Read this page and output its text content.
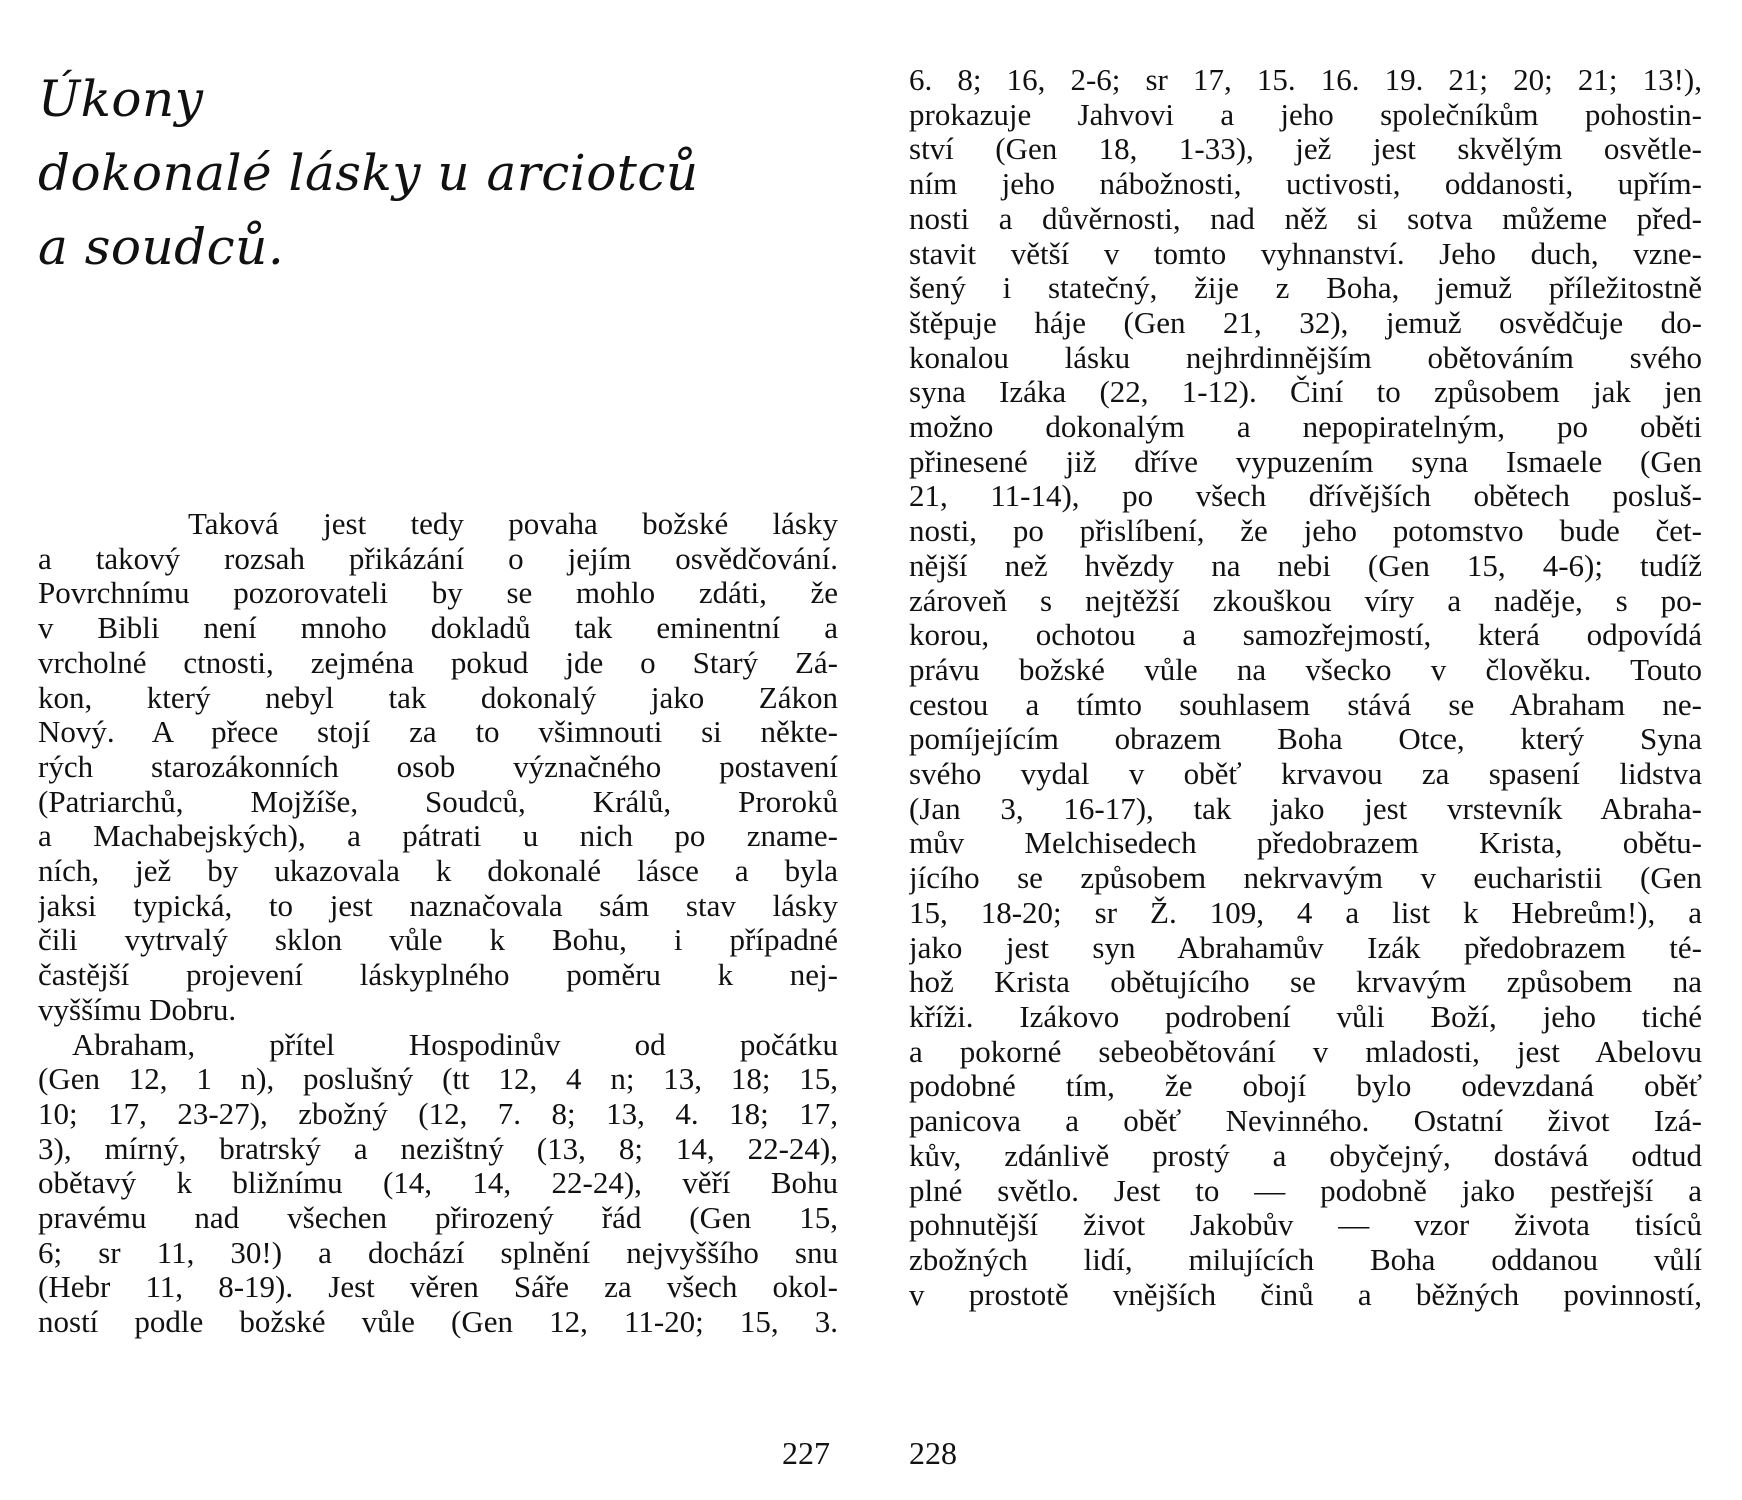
Úkony
dokonalé lásky u arciotců
a soudců.
Taková jest tedy povaha božské lásky
a takový rozsah přikázání o jejím osvědčování.
Povrchnímu pozorovateli by se mohlo zdáti, že
v Bibli není mnoho dokladů tak eminentní a
vrcholné ctnosti, zejména pokud jde o Starý Zá-
kon, který nebyl tak dokonalý jako Zákon
Nový. A přece stojí za to všimnouti si někte-
rých starozákonních osob význačného postavení
(Patriarchů, Mojžíše, Soudců, Králů, Proroků
a Machabejských), a pátrati u nich po zname-
ních, jež by ukazovala k dokonalé lásce a byla
jaksi typická, to jest naznačovala sám stav lásky
čili vytrvalý sklon vůle k Bohu, i případné
častější projevení láskyplného poměru k nej-
vyššímu Dobru.
Abraham, přítel Hospodinův od počátku
(Gen 12, 1 n), poslušný (tt 12, 4 n; 13, 18; 15,
10; 17, 23-27), zbožný (12, 7. 8; 13, 4. 18; 17,
3), mírný, bratrský a nezištný (13, 8; 14, 22-24),
obětavý k bližnímu (14, 14, 22-24), věří Bohu
pravému nad všechen přirozený řád (Gen 15,
6; sr 11, 30!) a dochází splnění nejvyššího snu
(Hebr 11, 8-19). Jest věren Sáře za všech okol-
ností podle božské vůle (Gen 12, 11-20; 15, 3.
227
6. 8; 16, 2-6; sr 17, 15. 16. 19. 21; 20; 21; 13!),
prokazuje Jahvovi a jeho společníkům pohostin-
ství (Gen 18, 1-33), jež jest skvělým osvětle-
ním jeho nábožnosti, uctivosti, oddanosti, upřím-
nosti a důvěrnosti, nad něž si sotva můžeme před-
stavit větší v tomto vyhnanství. Jeho duch, vzne-
šený i statečný, žije z Boha, jemuž příležitostně
štěpuje háje (Gen 21, 32), jemuž osvědčuje do-
konalou lásku nejhrdinnějším obětováním svého
syna Izáka (22, 1-12). Činí to způsobem jak jen
možno dokonalým a nepopiratelným, po oběti
přinesené již dříve vypuzením syna Ismaele (Gen
21, 11-14), po všech dřívějších obětech posluš-
nosti, po přislíbení, že jeho potomstvo bude čet-
nější než hvězdy na nebi (Gen 15, 4-6); tudíž
zároveň s nejtěžší zkouškou víry a naděje, s po-
korou, ochotou a samozřejmostí, která odpovídá
právu božské vůle na všecko v člověku. Touto
cestou a tímto souhlasem stává se Abraham ne-
pomíjejícím obrazem Boha Otce, který Syna
svého vydal v oběť krvavou za spasení lidstva
(Jan 3, 16-17), tak jako jest vrstevník Abraha-
mův Melchisedech předobrazem Krista, obětu-
jícího se způsobem nekrvavým v eucharistii (Gen
15, 18-20; sr Ž. 109, 4 a list k Hebreům!), a
jako jest syn Abrahamův Izák předobrazem té-
hož Krista obětujícího se krvavým způsobem na
kříži. Izákovo podrobení vůli Boží, jeho tiché
a pokorné sebeobětování v mladosti, jest Abelovu
podobné tím, že obojí bylo odevzdaná oběť
panicova a oběť Nevinného. Ostatní život Izá-
kův, zdánlivě prostý a obyčejný, dostává odtud
plné světlo. Jest to — podobně jako pestřejší a
pohnutější život Jakobův — vzor života tisíců
zbožných lidí, milujících Boha oddanou vůlí
v prostotě vnějších činů a běžných povinností,
228
